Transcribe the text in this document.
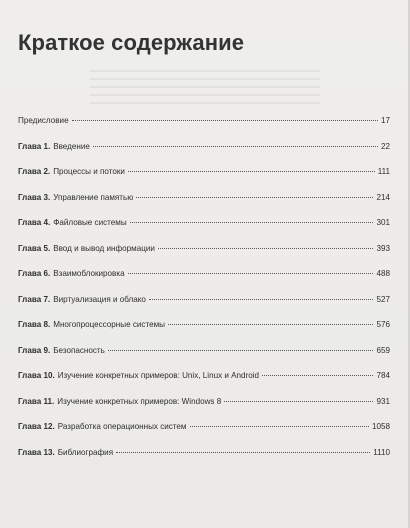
Краткое содержание
Предисловие	17
Глава 1. Введение	22
Глава 2. Процессы и потоки	111
Глава 3. Управление памятью	214
Глава 4. Файловые системы	301
Глава 5. Ввод и вывод информации	393
Глава 6. Взаимоблокировка	488
Глава 7. Виртуализация и облако	527
Глава 8. Многопроцессорные системы	576
Глава 9. Безопасность	659
Глава 10. Изучение конкретных примеров: Unix, Linux и Android	784
Глава 11. Изучение конкретных примеров: Windows 8	931
Глава 12. Разработка операционных систем	1058
Глава 13. Библиография	1110
